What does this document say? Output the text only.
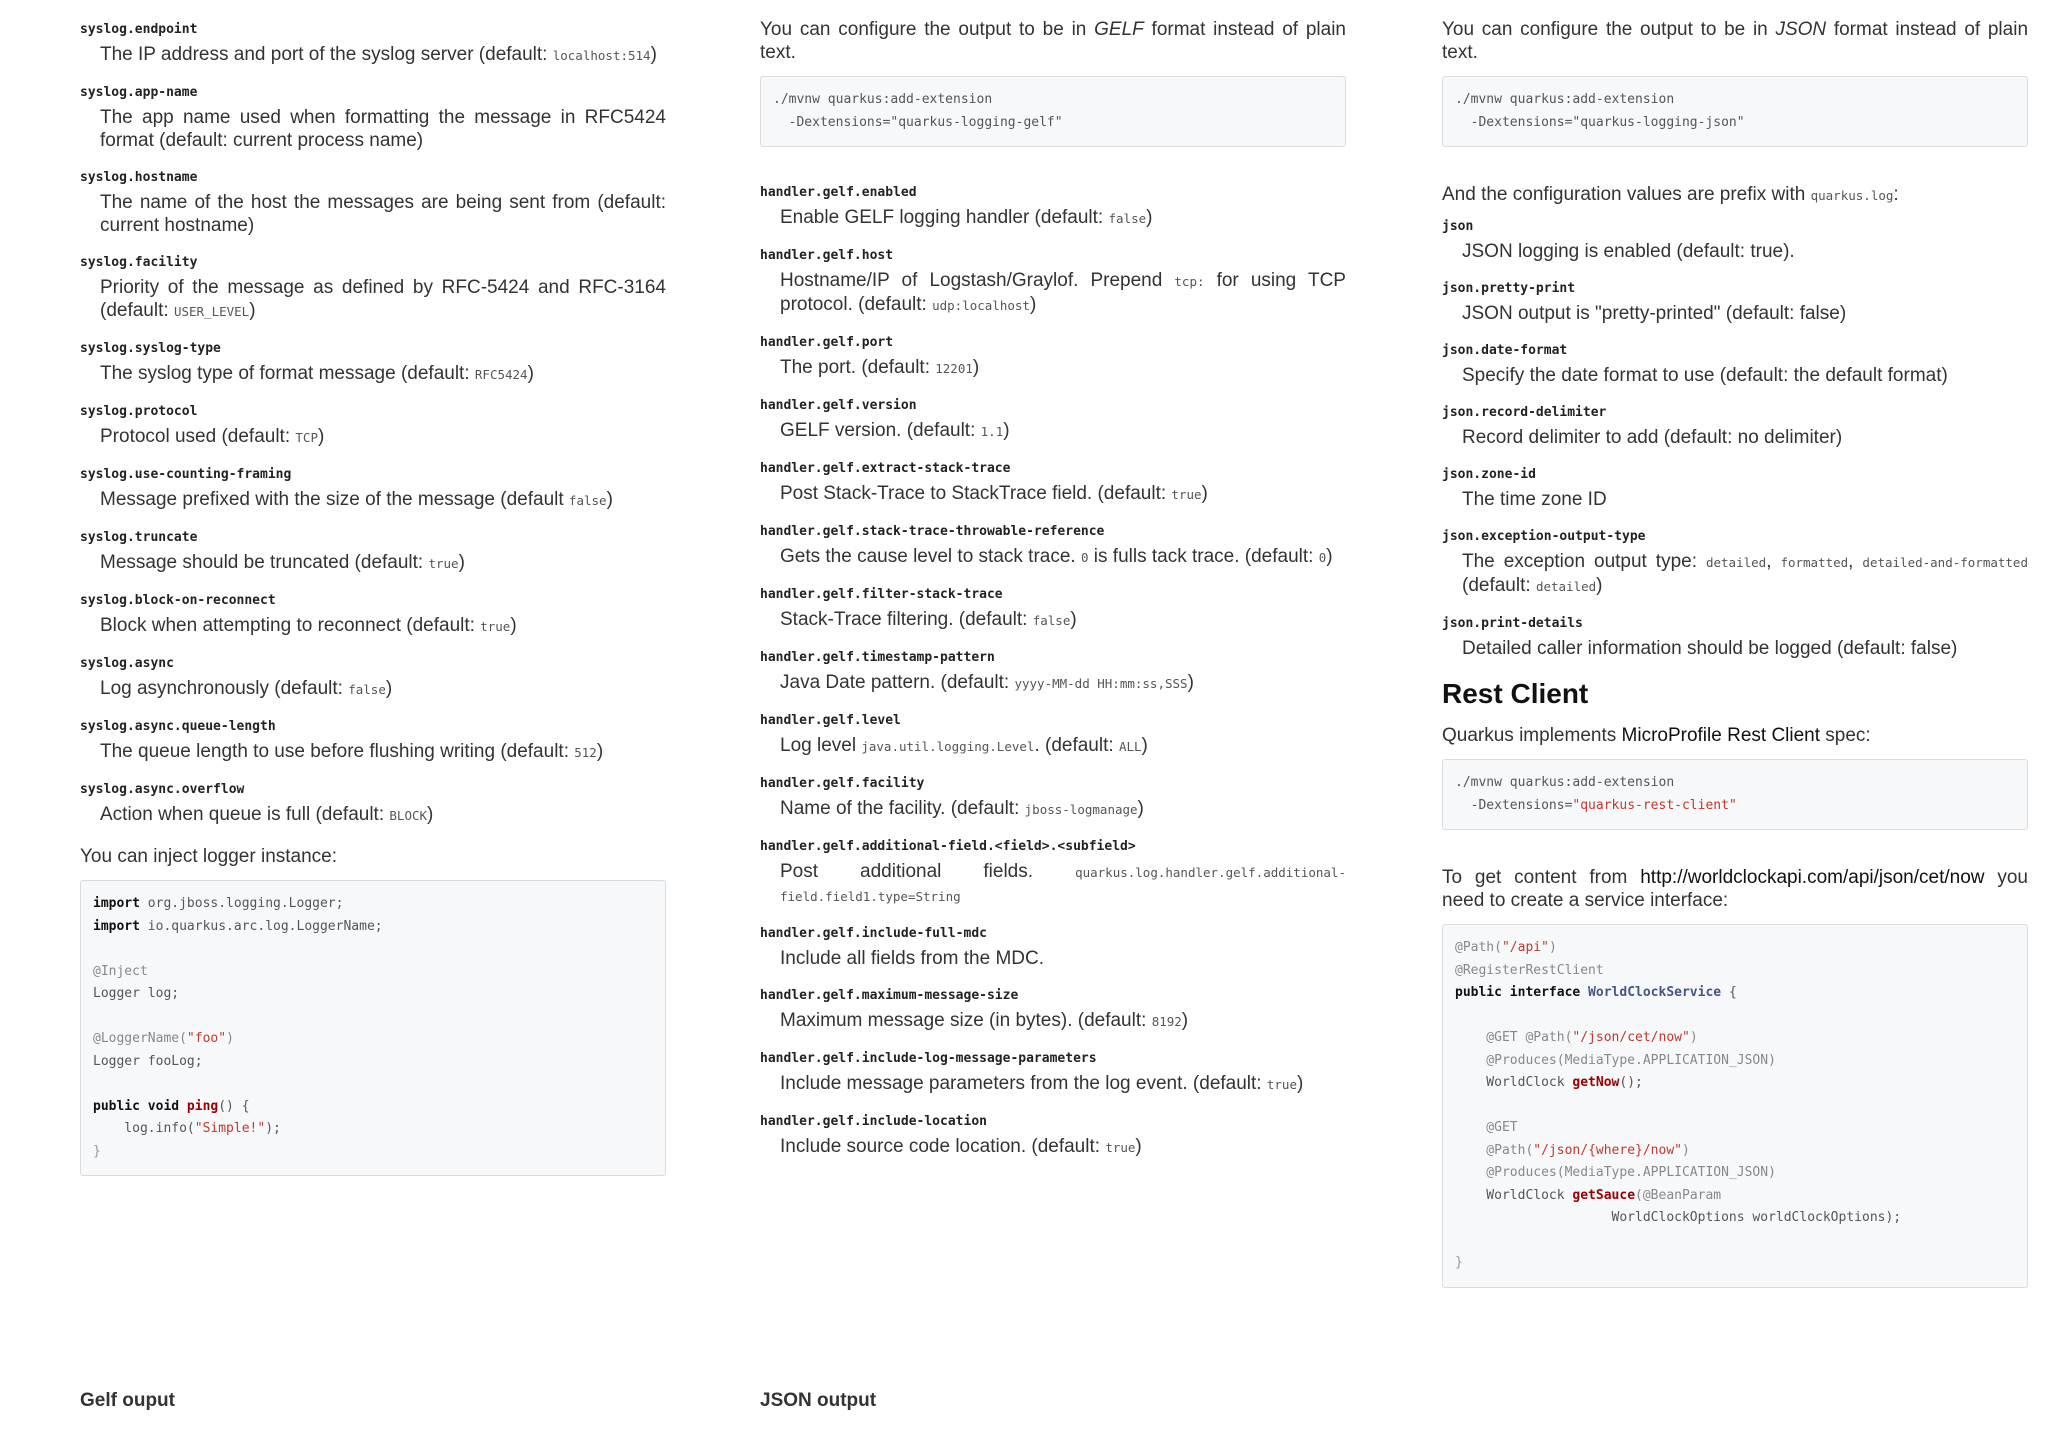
syslog.endpoint
The IP address and port of the syslog server (default: localhost:514)
syslog.app-name
The app name used when formatting the message in RFC5424 format (default: current process name)
syslog.hostname
The name of the host the messages are being sent from (default: current hostname)
syslog.facility
Priority of the message as defined by RFC-5424 and RFC-3164 (default: USER_LEVEL)
syslog.syslog-type
The syslog type of format message (default: RFC5424)
syslog.protocol
Protocol used (default: TCP)
syslog.use-counting-framing
Message prefixed with the size of the message (default false)
syslog.truncate
Message should be truncated (default: true)
syslog.block-on-reconnect
Block when attempting to reconnect (default: true)
syslog.async
Log asynchronously (default: false)
syslog.async.queue-length
The queue length to use before flushing writing (default: 512)
syslog.async.overflow
Action when queue is full (default: BLOCK)

You can inject logger instance:

import org.jboss.logging.Logger;
import io.quarkus.arc.log.LoggerName;

@Inject
Logger log;

@LoggerName("foo")
Logger fooLog;

public void ping() {
log.info("Simple!");
}
Gelf ouput

You can configure the output to be in GELF format instead of plain text.

./mvnw quarkus:add-extension
-Dextensions="quarkus-logging-gelf"
handler.gelf.enabled
Enable GELF logging handler (default: false)
handler.gelf.host
Hostname/IP of Logstash/Graylof. Prepend tcp: for using TCP protocol. (default: udp:localhost)
handler.gelf.port
The port. (default: 12201)
handler.gelf.version
GELF version. (default: 1.1)
handler.gelf.extract-stack-trace
Post Stack-Trace to StackTrace field. (default: true)
handler.gelf.stack-trace-throwable-reference
Gets the cause level to stack trace. 0 is fulls tack trace. (default: 0)
handler.gelf.filter-stack-trace
Stack-Trace filtering. (default: false)
handler.gelf.timestamp-pattern
Java Date pattern. (default: yyyy-MM-dd HH:mm:ss,SSS)
handler.gelf.level
Log level java.util.logging.Level. (default: ALL)
handler.gelf.facility
Name of the facility. (default: jboss-logmanage)
handler.gelf.additional-field.<field>.<subfield>
Post additional fields. quarkus.log.handler.gelf.additional-field.field1.type=String
handler.gelf.include-full-mdc
Include all fields from the MDC.
handler.gelf.maximum-message-size
Maximum message size (in bytes). (default: 8192)
handler.gelf.include-log-message-parameters
Include message parameters from the log event. (default: true)
handler.gelf.include-location
Include source code location. (default: true)
JSON output

You can configure the output to be in JSON format instead of plain text.

./mvnw quarkus:add-extension
-Dextensions="quarkus-logging-json"

And the configuration values are prefix with quarkus.log:

json
JSON logging is enabled (default: true).
json.pretty-print
JSON output is "pretty-printed" (default: false)
json.date-format
Specify the date format to use (default: the default format)
json.record-delimiter
Record delimiter to add (default: no delimiter)
json.zone-id
The time zone ID
json.exception-output-type
The exception output type: detailed, formatted, detailed-and-formatted (default: detailed)
json.print-details
Detailed caller information should be logged (default: false)
Rest Client

Quarkus implements MicroProfile Rest Client spec:

./mvnw quarkus:add-extension
-Dextensions="quarkus-rest-client"

To get content from http://worldclockapi.com/api/json/cet/now you need to create a service interface:

@Path("/api")
@RegisterRestClient
public interface WorldClockService {

@GET @Path("/json/cet/now")
@Produces(MediaType.APPLICATION_JSON)
WorldClock getNow();

@GET
@Path("/json/{where}/now")
@Produces(MediaType.APPLICATION_JSON)
WorldClock getSauce(@BeanParam
WorldClockOptions worldClockOptions);

}
